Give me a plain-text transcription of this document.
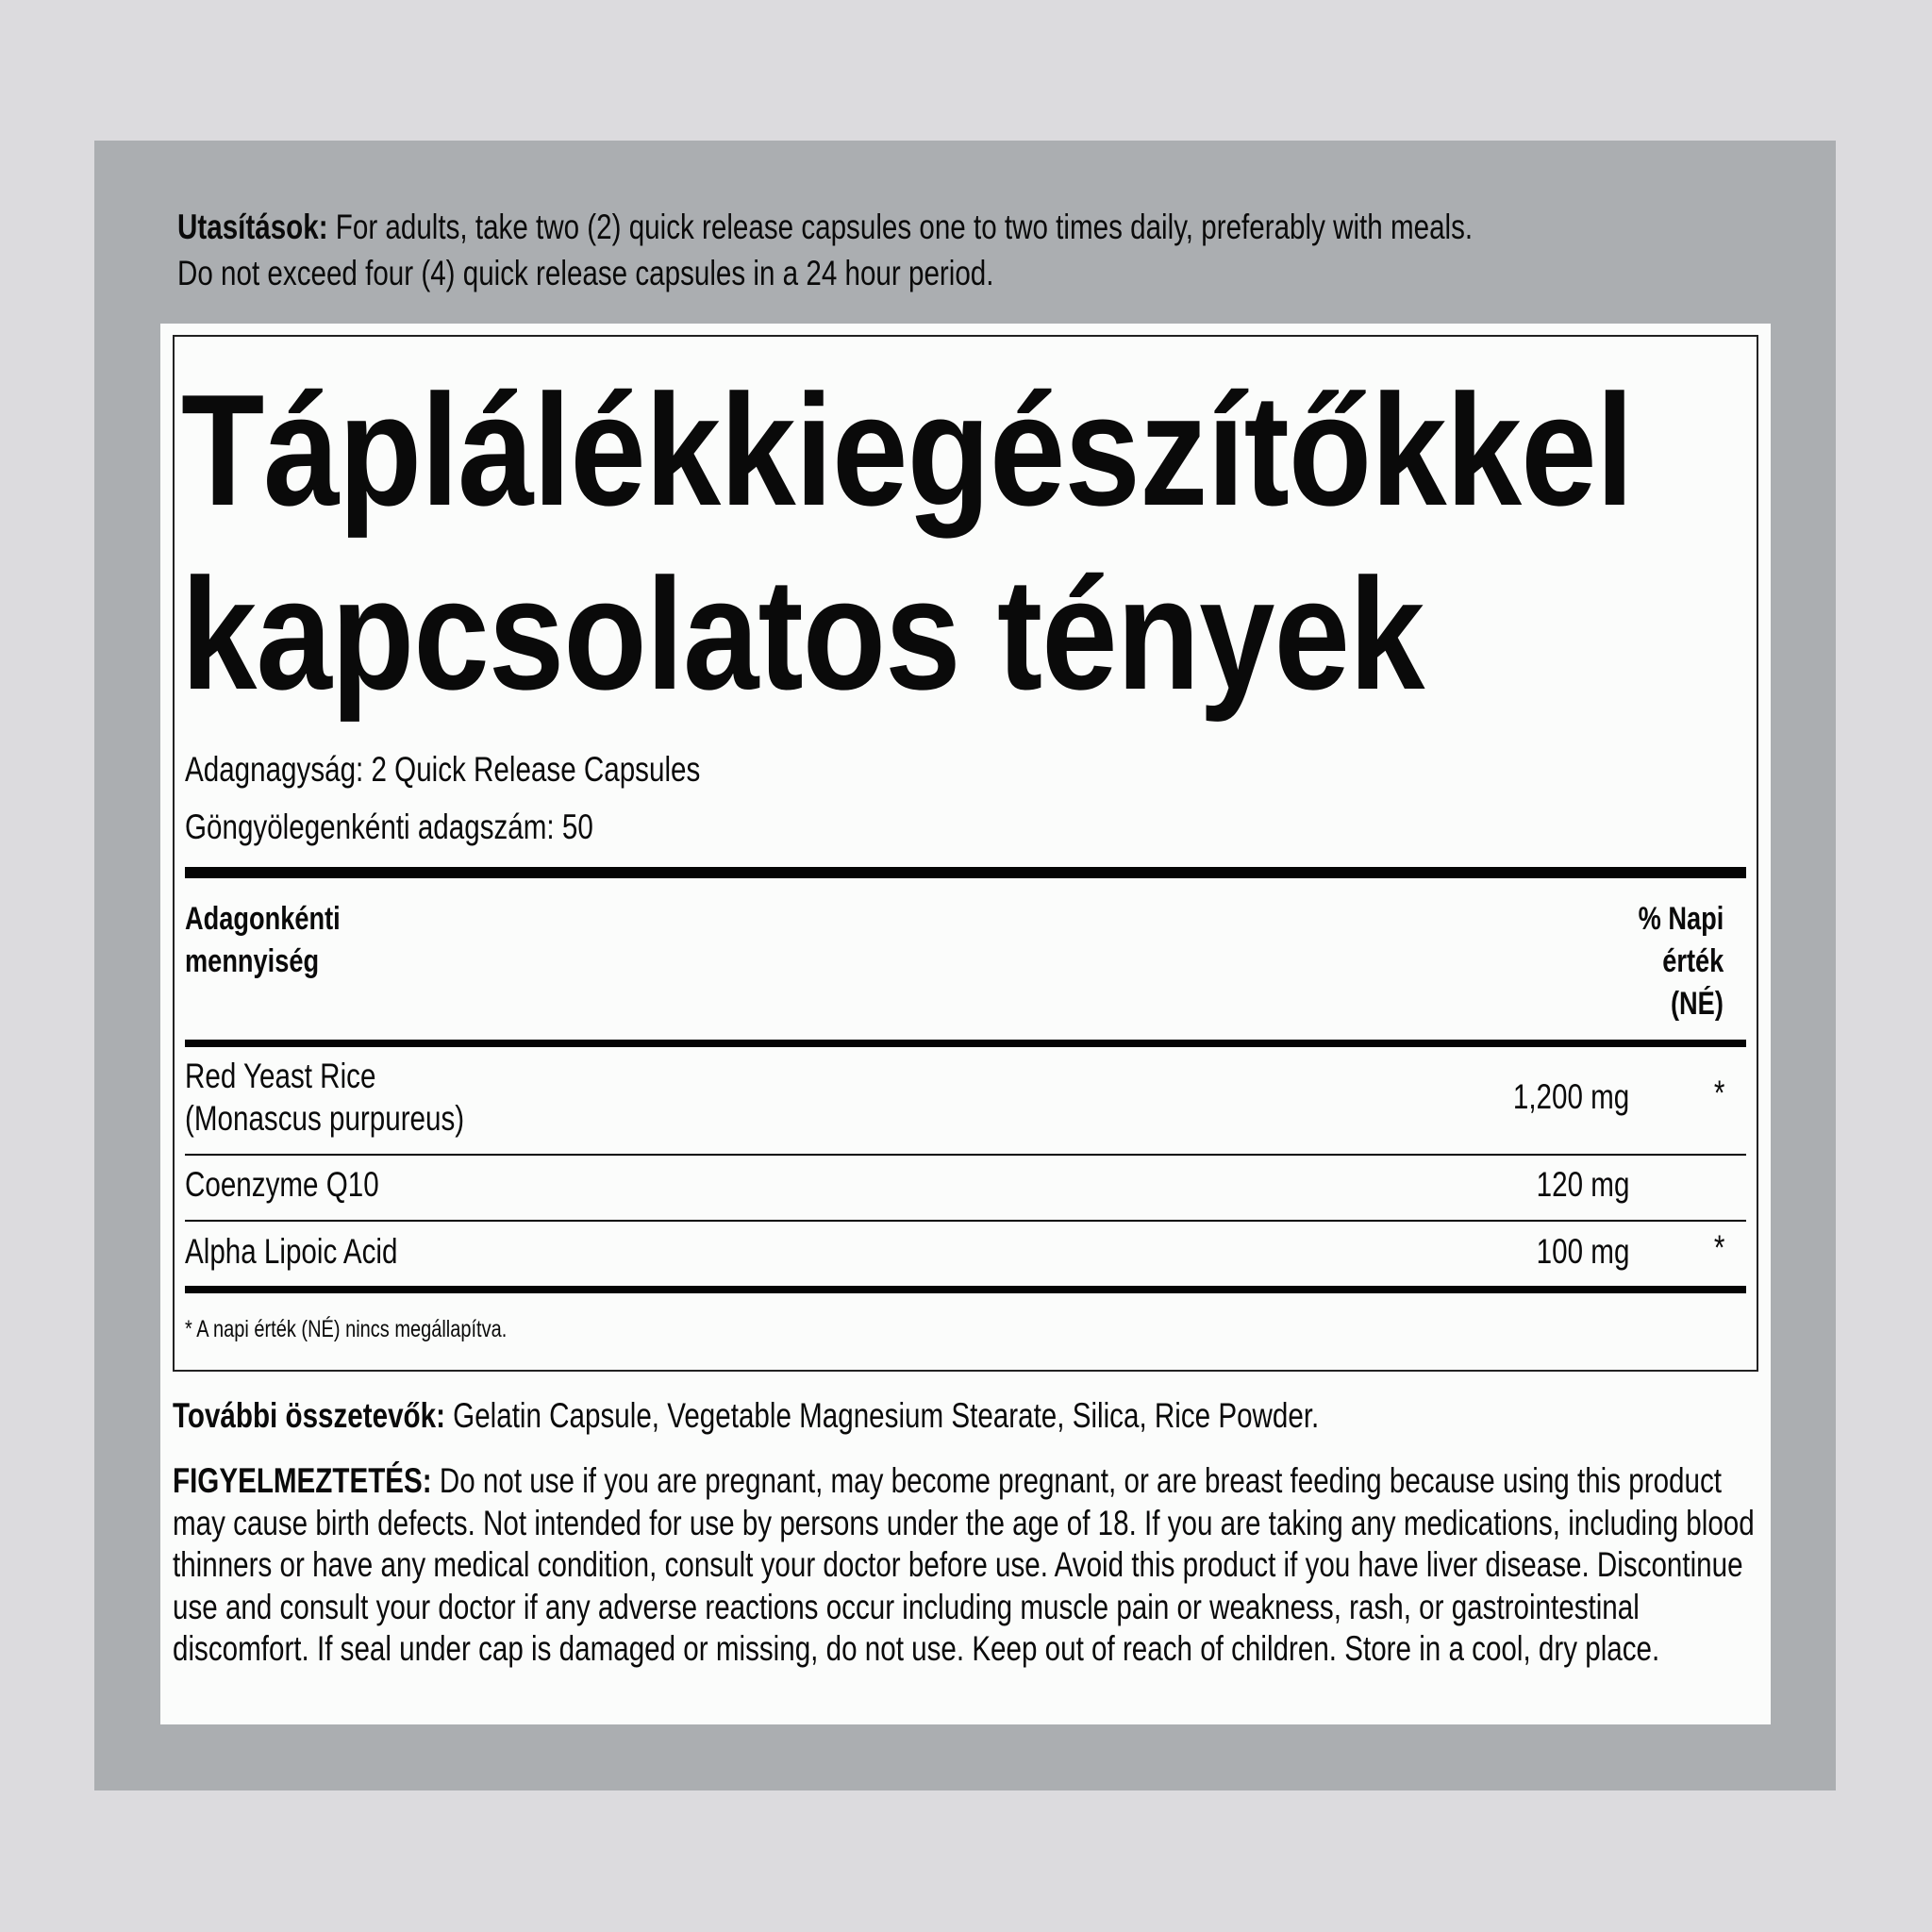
Utasítások: For adults, take two (2) quick release capsules one to two times daily, preferably with meals.
Do not exceed four (4) quick release capsules in a 24 hour period.
Táplálékkiegészítőkkel
kapcsolatos tények
Adagnagyság: 2 Quick Release Capsules
Göngyölegenkénti adagszám: 50
Adagonkénti
mennyiség
% Napi
érték
(NÉ)
Red Yeast Rice
(Monascus purpureus)
1,200 mg *
Coenzyme Q10	120 mg
Alpha Lipoic Acid	100 mg *
* A napi érték (NÉ) nincs megállapítva.
További összetevők: Gelatin Capsule, Vegetable Magnesium Stearate, Silica, Rice Powder.
FIGYELMEZTETÉS: Do not use if you are pregnant, may become pregnant, or are breast feeding because using this product may cause birth defects. Not intended for use by persons under the age of 18. If you are taking any medications, including blood thinners or have any medical condition, consult your doctor before use. Avoid this product if you have liver disease. Discontinue use and consult your doctor if any adverse reactions occur including muscle pain or weakness, rash, or gastrointestinal discomfort. If seal under cap is damaged or missing, do not use. Keep out of reach of children. Store in a cool, dry place.
